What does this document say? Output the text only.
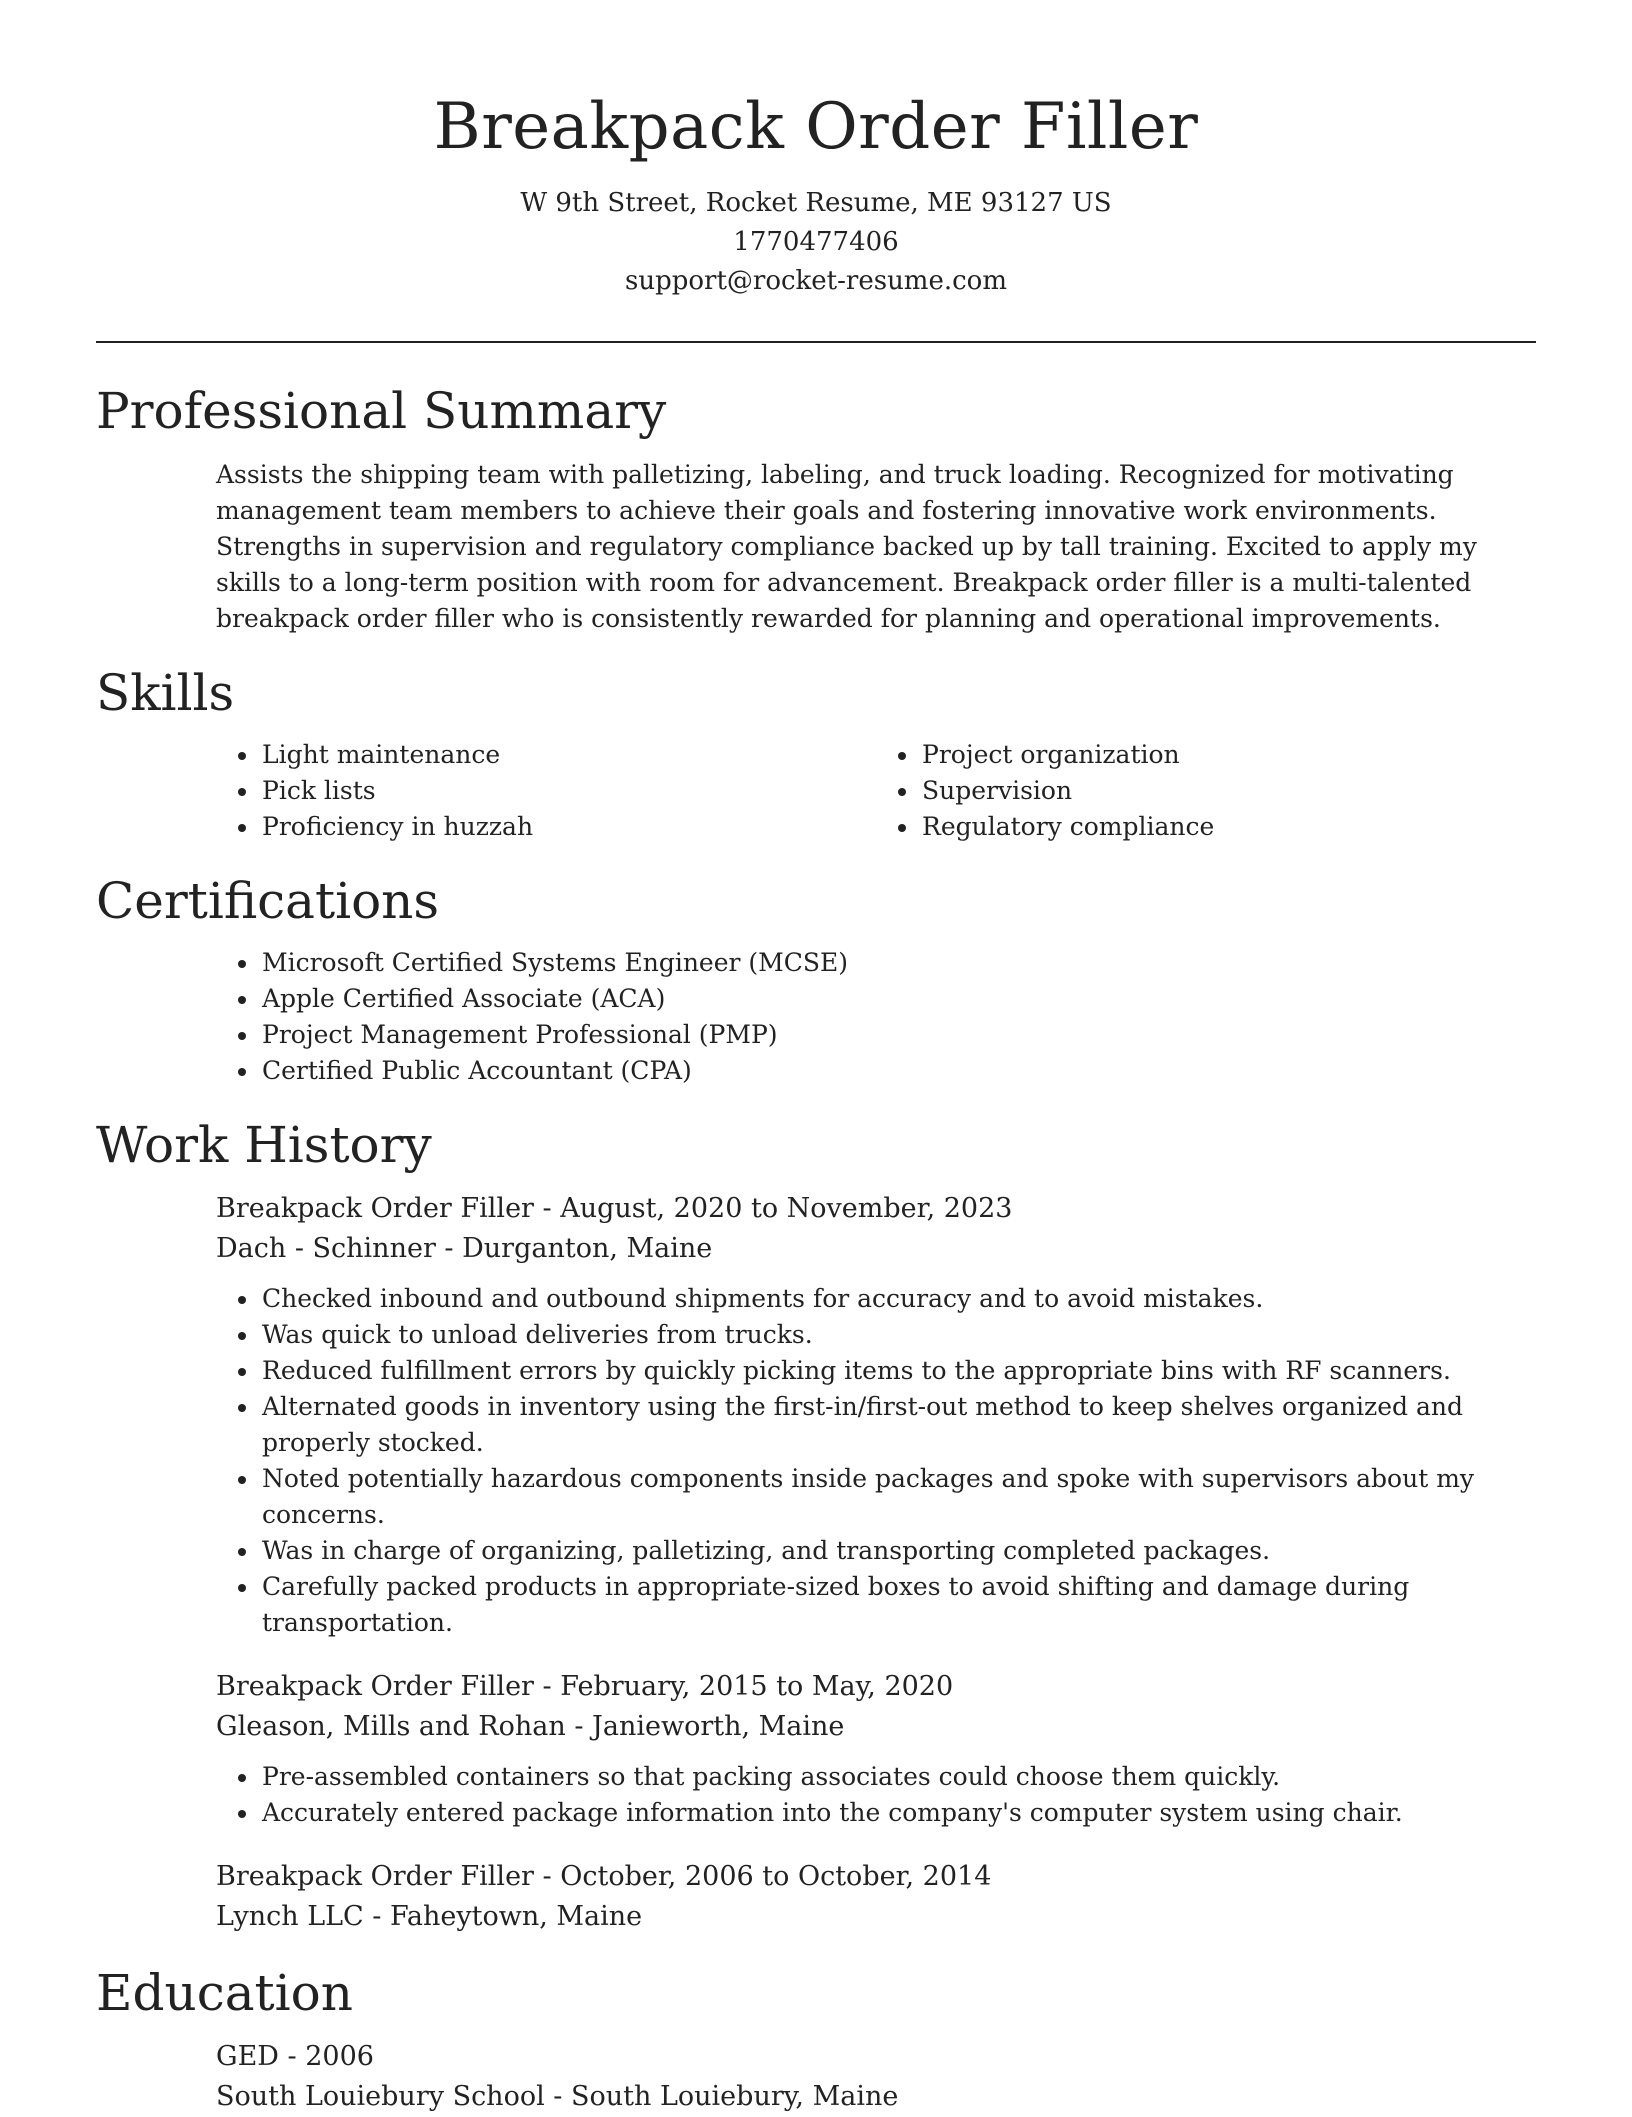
Breakpack Order Filler
W 9th Street, Rocket Resume, ME 93127 US
1770477406
support@rocket-resume.com
Professional Summary

Assists the shipping team with palletizing, labeling, and truck loading. Recognized for motivating management team members to achieve their goals and fostering innovative work environments. Strengths in supervision and regulatory compliance backed up by tall training. Excited to apply my skills to a long-term position with room for advancement. Breakpack order filler is a multi-talented breakpack order filler who is consistently rewarded for planning and operational improvements.

Skills
• Light maintenance
• Pick lists
• Proficiency in huzzah
• Project organization
• Supervision
• Regulatory compliance
Certifications
• Microsoft Certified Systems Engineer (MCSE)
• Apple Certified Associate (ACA)
• Project Management Professional (PMP)
• Certified Public Accountant (CPA)
Work History
Breakpack Order Filler - August, 2020 to November, 2023
Dach - Schinner - Durganton, Maine
• Checked inbound and outbound shipments for accuracy and to avoid mistakes.
• Was quick to unload deliveries from trucks.
• Reduced fulfillment errors by quickly picking items to the appropriate bins with RF scanners.
• Alternated goods in inventory using the first-in/first-out method to keep shelves organized and properly stocked.
• Noted potentially hazardous components inside packages and spoke with supervisors about my concerns.
• Was in charge of organizing, palletizing, and transporting completed packages.
• Carefully packed products in appropriate-sized boxes to avoid shifting and damage during transportation.
Breakpack Order Filler - February, 2015 to May, 2020
Gleason, Mills and Rohan - Janieworth, Maine
• Pre-assembled containers so that packing associates could choose them quickly.
• Accurately entered package information into the company's computer system using chair.
Breakpack Order Filler - October, 2006 to October, 2014
Lynch LLC - Faheytown, Maine
Education
GED - 2006
South Louiebury School - South Louiebury, Maine
